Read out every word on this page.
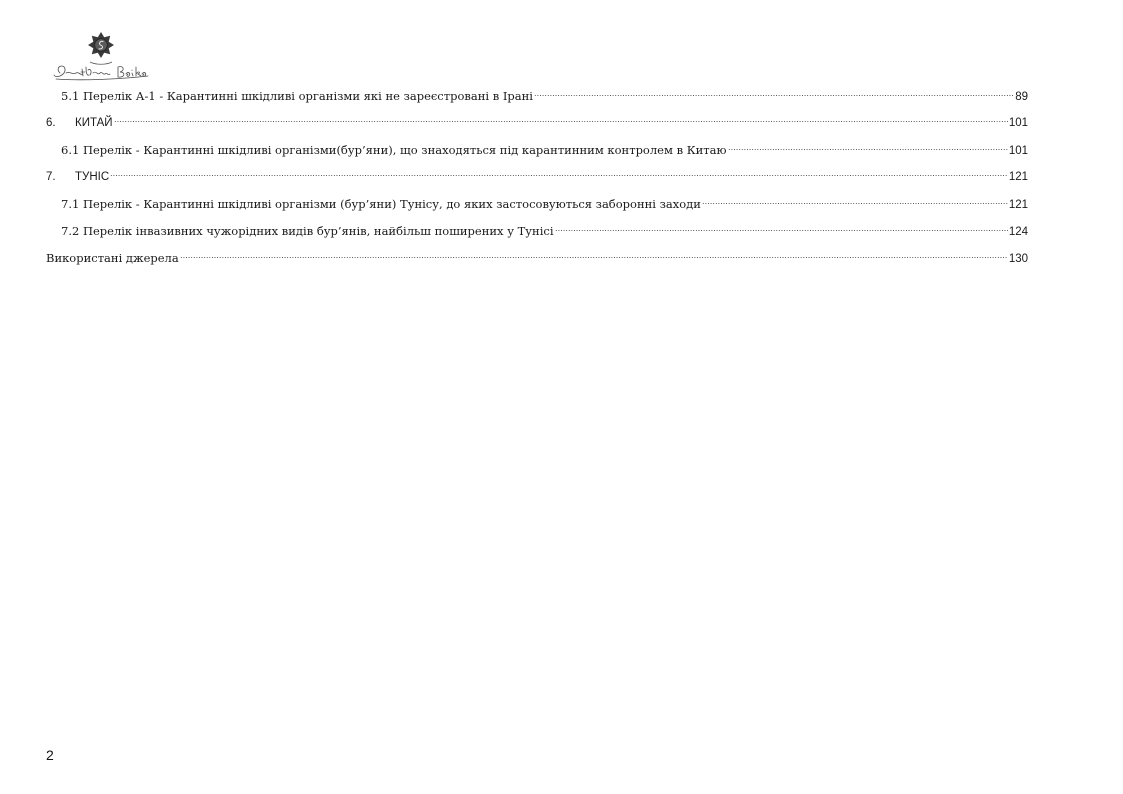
5.1 Перелік А-1 - Карантинні шкідливі організми які не зареєстровані в Ірані	89
6.	КИТАЙ	101
6.1 Перелік - Карантинні шкідливі організми(бур’яни), що знаходяться під карантинним контролем в Китаю	101
7.	ТУНІС	121
7.1 Перелік - Карантинні шкідливі організми (бур’яни) Тунісу, до яких застосовуються заборонні заходи	121
7.2 Перелік інвазивних чужорідних видів бур’янів, найбільш поширених у Тунісі	124
Використані джерела	130
2
